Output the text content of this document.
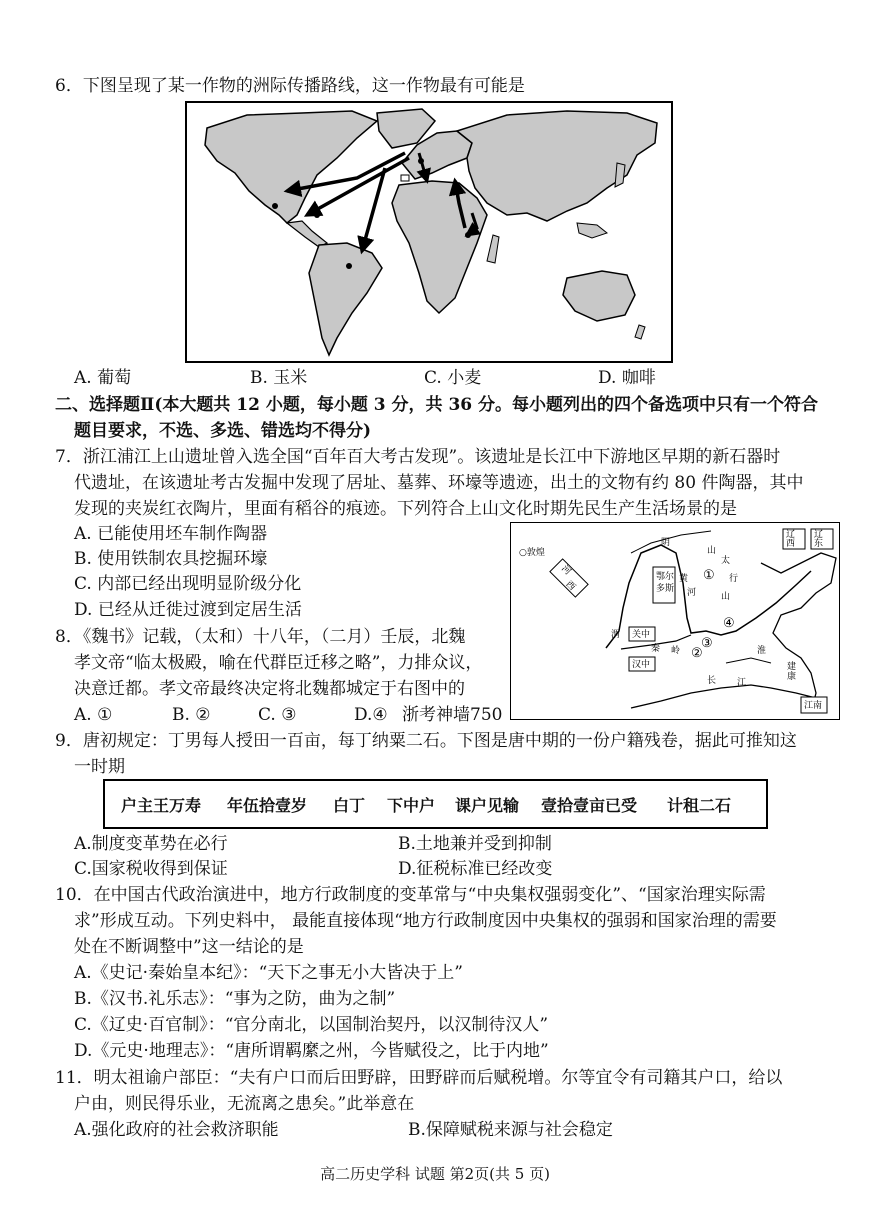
6．下图呈现了某一作物的洲际传播路线，这一作物最有可能是
A. 葡萄	B. 玉米	C. 小麦	D. 咖啡
二、选择题Ⅱ(本大题共 12 小题，每小题 3 分，共 36 分。每小题列出的四个备选项中只有一个符合
题目要求，不选、多选、错选均不得分)
7．浙江浦江上山遗址曾入选全国“百年百大考古发现”。该遗址是长江中下游地区早期的新石器时
代遗址，在该遗址考古发掘中发现了居址、墓葬、环壕等遗迹，出土的文物有约 80 件陶器，其中
发现的夹炭红衣陶片，里面有稻谷的痕迹。下列符合上山文化时期先民生产生活场景的是
A. 已能使用坯车制作陶器
B. 使用铁制农具挖掘环壕
C. 内部已经出现明显阶级分化
D. 已经从迁徙过渡到定居生活
河
西
鄂尔
多斯
关中
汉中
辽
西
辽
东
江南
○敦煌
阴
山
太
行
山
黄
河
渭
秦 岭	淮
长 江
建
康
①
②
③
④
8．《魏书》记载，（太和）十八年，（二月）壬辰，北魏
孝文帝“临太极殿，喻在代群臣迁移之略”，力排众议，
决意迁都。孝文帝最终决定将北魏都城定于右图中的
A. ①	B. ②	C. ③	D.④ 浙考神墙750
9．唐初规定：丁男每人授田一百亩，每丁纳粟二石。下图是唐中期的一份户籍残卷，据此可推知这
一时期
户主王万寿 年伍拾壹岁 白丁 下中户 课户见输 壹拾壹亩已受 计租二石
A.制度变革势在必行	B.土地兼并受到抑制
C.国家税收得到保证	D.征税标准已经改变
10．在中国古代政治演进中，地方行政制度的变革常与“中央集权强弱变化”、“国家治理实际需
求”形成互动。下列史料中， 最能直接体现“地方行政制度因中央集权的强弱和国家治理的需要
处在不断调整中”这一结论的是
A.《史记·秦始皇本纪》：“天下之事无小大皆决于上”
B.《汉书.礼乐志》：“事为之防，曲为之制”
C.《辽史·百官制》：“官分南北，以国制治契丹，以汉制待汉人”
D.《元史·地理志》：“唐所谓羁縻之州，今皆赋役之，比于内地”
11．明太祖谕户部臣：“夫有户口而后田野辟，田野辟而后赋税增。尔等宜令有司籍其户口，给以
户由，则民得乐业，无流离之患矣。”此举意在
A.强化政府的社会救济职能	B.保障赋税来源与社会稳定
高二历史学科 试题 第2页(共 5 页)
